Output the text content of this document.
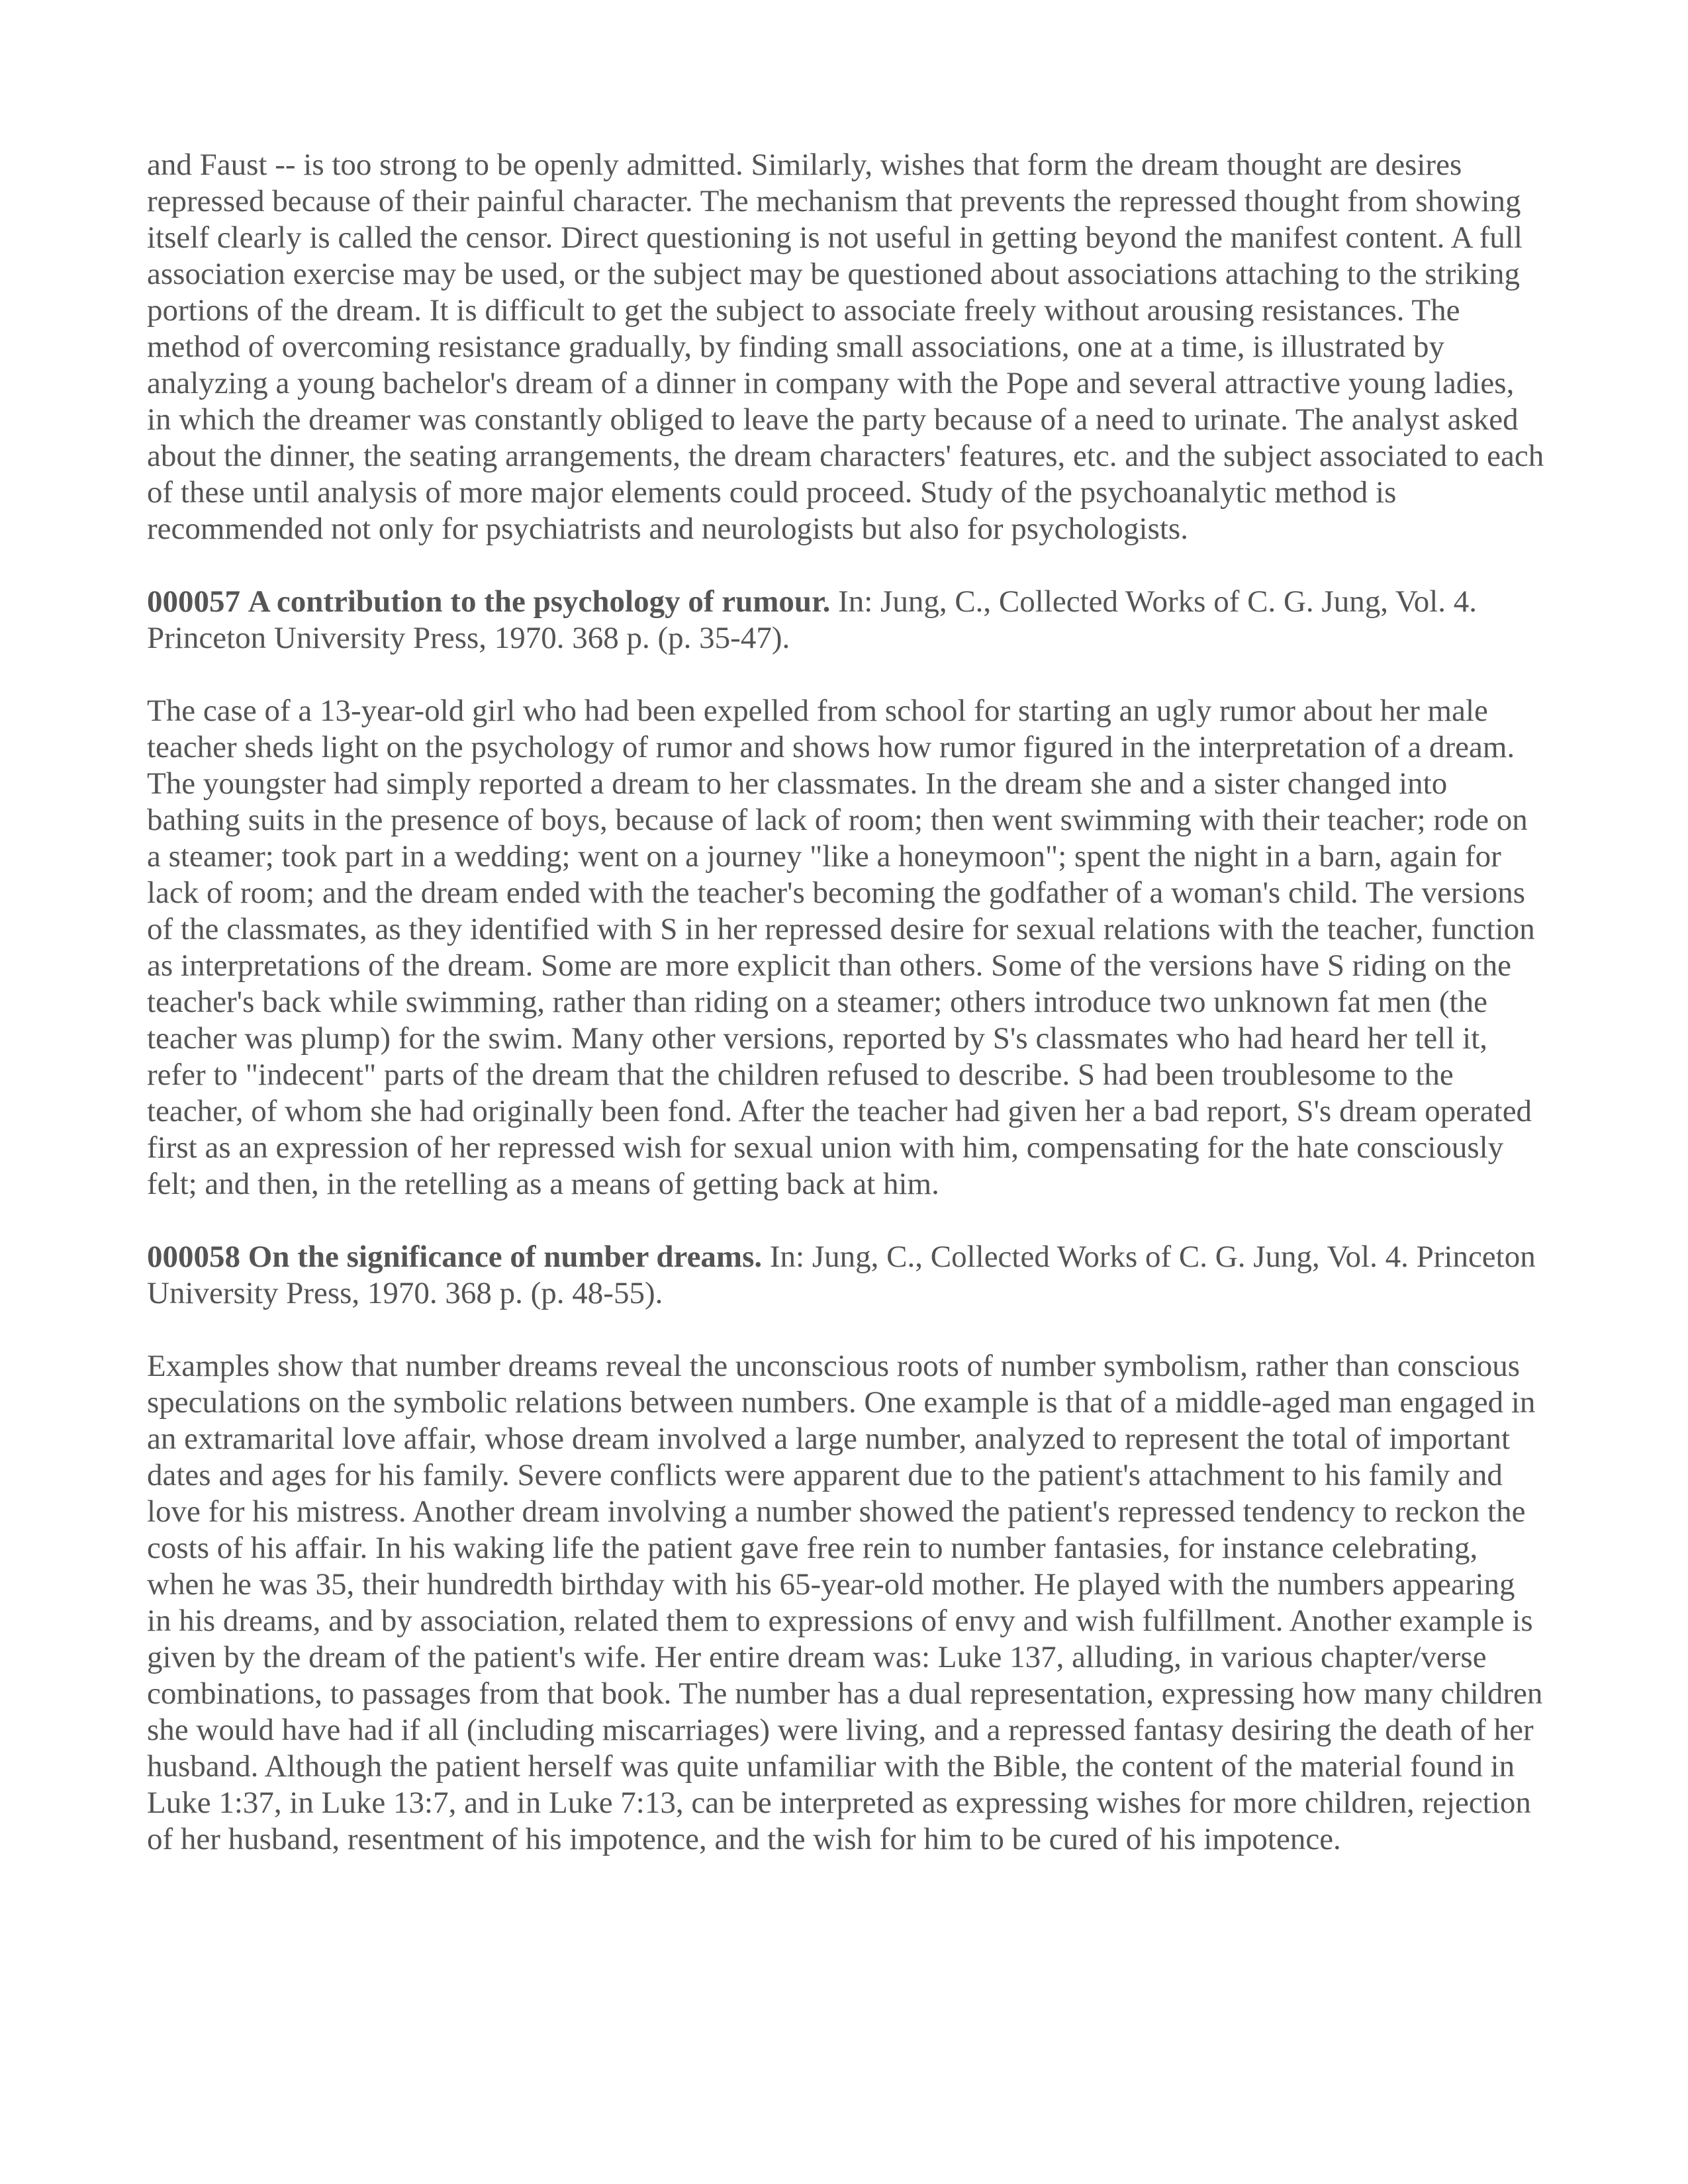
and Faust -- is too strong to be openly admitted. Similarly, wishes that form the dream thought are desires repressed because of their painful character. The mechanism that prevents the repressed thought from showing itself clearly is called the censor. Direct questioning is not useful in getting beyond the manifest content. A full association exercise may be used, or the subject may be questioned about associations attaching to the striking portions of the dream. It is difficult to get the subject to associate freely without arousing resistances. The method of overcoming resistance gradually, by finding small associations, one at a time, is illustrated by analyzing a young bachelor's dream of a dinner in company with the Pope and several attractive young ladies, in which the dreamer was constantly obliged to leave the party because of a need to urinate. The analyst asked about the dinner, the seating arrangements, the dream characters' features, etc. and the subject associated to each of these until analysis of more major elements could proceed. Study of the psychoanalytic method is recommended not only for psychiatrists and neurologists but also for psychologists.

000057 A contribution to the psychology of rumour. In: Jung, C., Collected Works of C. G. Jung, Vol. 4. Princeton University Press, 1970. 368 p. (p. 35-47).

The case of a 13-year-old girl who had been expelled from school for starting an ugly rumor about her male teacher sheds light on the psychology of rumor and shows how rumor figured in the interpretation of a dream. The youngster had simply reported a dream to her classmates. In the dream she and a sister changed into bathing suits in the presence of boys, because of lack of room; then went swimming with their teacher; rode on a steamer; took part in a wedding; went on a journey "like a honeymoon"; spent the night in a barn, again for lack of room; and the dream ended with the teacher's becoming the godfather of a woman's child. The versions of the classmates, as they identified with S in her repressed desire for sexual relations with the teacher, function as interpretations of the dream. Some are more explicit than others. Some of the versions have S riding on the teacher's back while swimming, rather than riding on a steamer; others introduce two unknown fat men (the teacher was plump) for the swim. Many other versions, reported by S's classmates who had heard her tell it, refer to "indecent" parts of the dream that the children refused to describe. S had been troublesome to the teacher, of whom she had originally been fond. After the teacher had given her a bad report, S's dream operated first as an expression of her repressed wish for sexual union with him, compensating for the hate consciously felt; and then, in the retelling as a means of getting back at him.

000058 On the significance of number dreams. In: Jung, C., Collected Works of C. G. Jung, Vol. 4. Princeton University Press, 1970. 368 p. (p. 48-55).

Examples show that number dreams reveal the unconscious roots of number symbolism, rather than conscious speculations on the symbolic relations between numbers. One example is that of a middle-aged man engaged in an extramarital love affair, whose dream involved a large number, analyzed to represent the total of important dates and ages for his family. Severe conflicts were apparent due to the patient's attachment to his family and love for his mistress. Another dream involving a number showed the patient's repressed tendency to reckon the costs of his affair. In his waking life the patient gave free rein to number fantasies, for instance celebrating, when he was 35, their hundredth birthday with his 65-year-old mother. He played with the numbers appearing in his dreams, and by association, related them to expressions of envy and wish fulfillment. Another example is given by the dream of the patient's wife. Her entire dream was: Luke 137, alluding, in various chapter/verse combinations, to passages from that book. The number has a dual representation, expressing how many children she would have had if all (including miscarriages) were living, and a repressed fantasy desiring the death of her husband. Although the patient herself was quite unfamiliar with the Bible, the content of the material found in Luke 1:37, in Luke 13:7, and in Luke 7:13, can be interpreted as expressing wishes for more children, rejection of her husband, resentment of his impotence, and the wish for him to be cured of his impotence.
